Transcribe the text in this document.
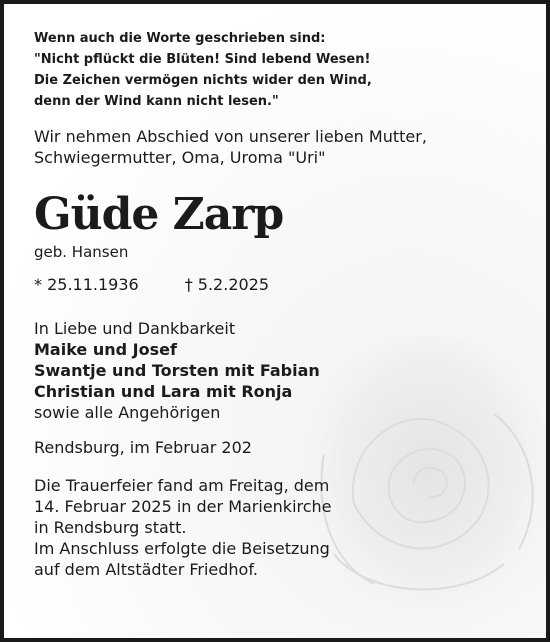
Wenn auch die Worte geschrieben sind:
"Nicht pflückt die Blüten! Sind lebend Wesen!
Die Zeichen vermögen nichts wider den Wind,
denn der Wind kann nicht lesen."
Wir nehmen Abschied von unserer lieben Mutter,
Schwiegermutter, Oma, Uroma "Uri"
Güde Zarp
geb. Hansen
* 25.11.1936	† 5.2.2025
In Liebe und Dankbarkeit
Maike und Josef
Swantje und Torsten mit Fabian
Christian und Lara mit Ronja
sowie alle Angehörigen
Rendsburg, im Februar 202
Die Trauerfeier fand am Freitag, dem
14. Februar 2025 in der Marienkirche
in Rendsburg statt.
Im Anschluss erfolgte die Beisetzung
auf dem Altstädter Friedhof.
